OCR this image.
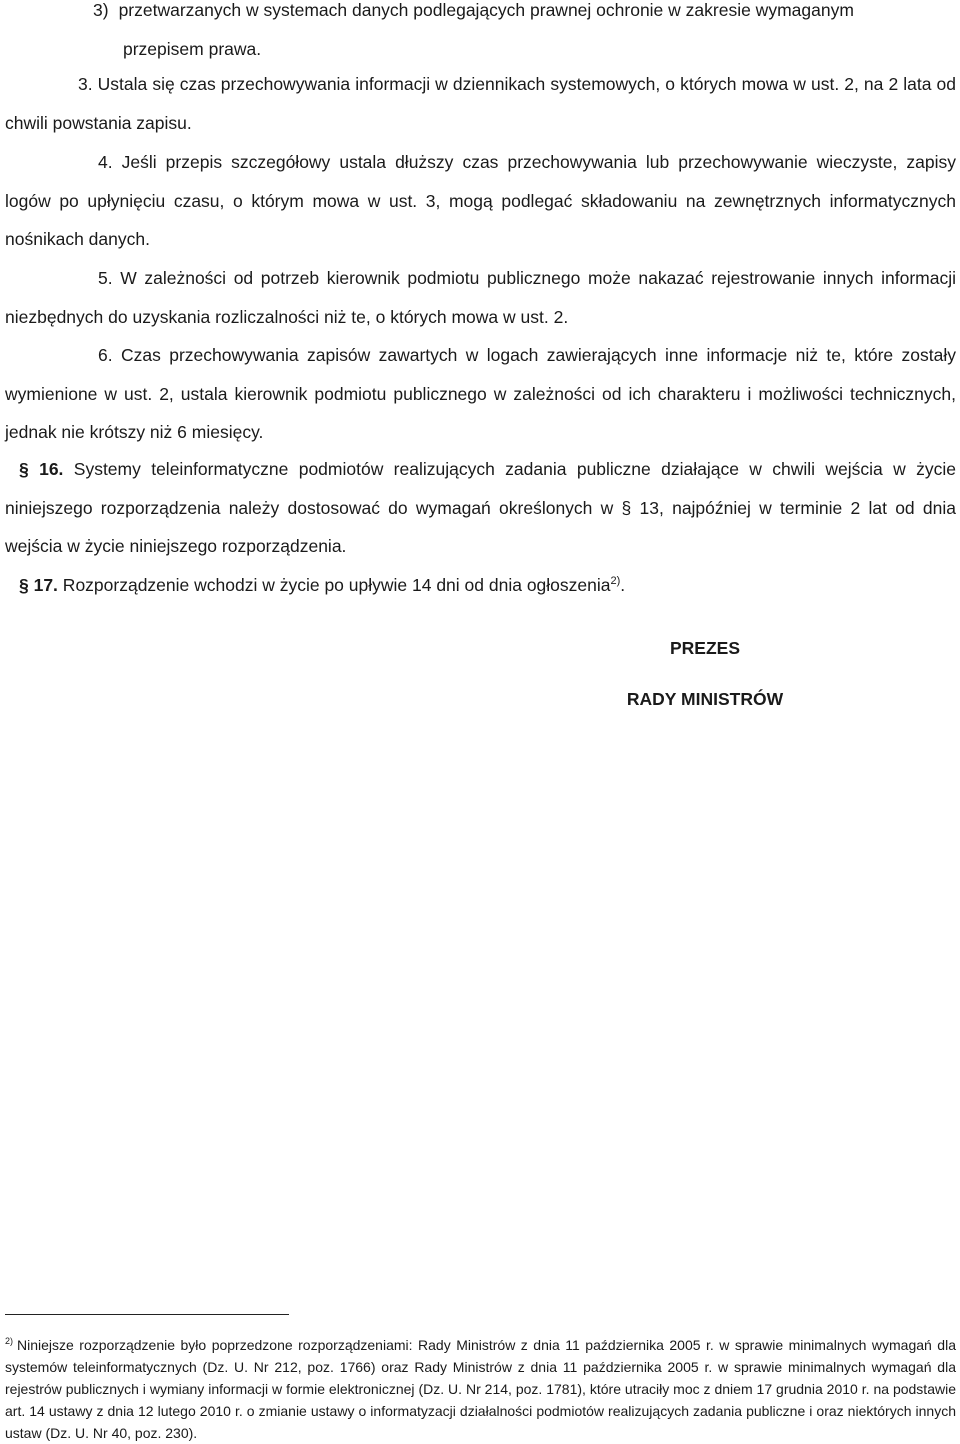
3) przetwarzanych w systemach danych podlegających prawnej ochronie w zakresie wymaganym
przepisem prawa.

3. Ustala się czas przechowywania informacji w dziennikach systemowych, o których mowa w ust. 2, na 2 lata od chwili powstania zapisu.

4. Jeśli przepis szczegółowy ustala dłuższy czas przechowywania lub przechowywanie wieczyste, zapisy logów po upłynięciu czasu, o którym mowa w ust. 3, mogą podlegać składowaniu na zewnętrznych informatycznych nośnikach danych.

5. W zależności od potrzeb kierownik podmiotu publicznego może nakazać rejestrowanie innych informacji niezbędnych do uzyskania rozliczalności niż te, o których mowa w ust. 2.

6. Czas przechowywania zapisów zawartych w logach zawierających inne informacje niż te, które zostały wymienione w ust. 2, ustala kierownik podmiotu publicznego w zależności od ich charakteru i możliwości technicznych, jednak nie krótszy niż 6 miesięcy.

§ 16. Systemy teleinformatyczne podmiotów realizujących zadania publiczne działające w chwili wejścia w życie niniejszego rozporządzenia należy dostosować do wymagań określonych w § 13, najpóźniej w terminie 2 lat od dnia wejścia w życie niniejszego rozporządzenia.

§ 17. Rozporządzenie wchodzi w życie po upływie 14 dni od dnia ogłoszenia$^{2)}$.

PREZES
RADY MINISTRÓW

$^{2)}$ Niniejsze rozporządzenie było poprzedzone rozporządzeniami: Rady Ministrów z dnia 11 października 2005 r. w sprawie minimalnych wymagań dla systemów teleinformatycznych (Dz. U. Nr 212, poz. 1766) oraz Rady Ministrów z dnia 11 października 2005 r. w sprawie minimalnych wymagań dla rejestrów publicznych i wymiany informacji w formie elektronicznej (Dz. U. Nr 214, poz. 1781), które utraciły moc z dniem 17 grudnia 2010 r. na podstawie art. 14 ustawy z dnia 12 lutego 2010 r. o zmianie ustawy o informatyzacji działalności podmiotów realizujących zadania publiczne i oraz niektórych innych ustaw (Dz. U. Nr 40, poz. 230).
